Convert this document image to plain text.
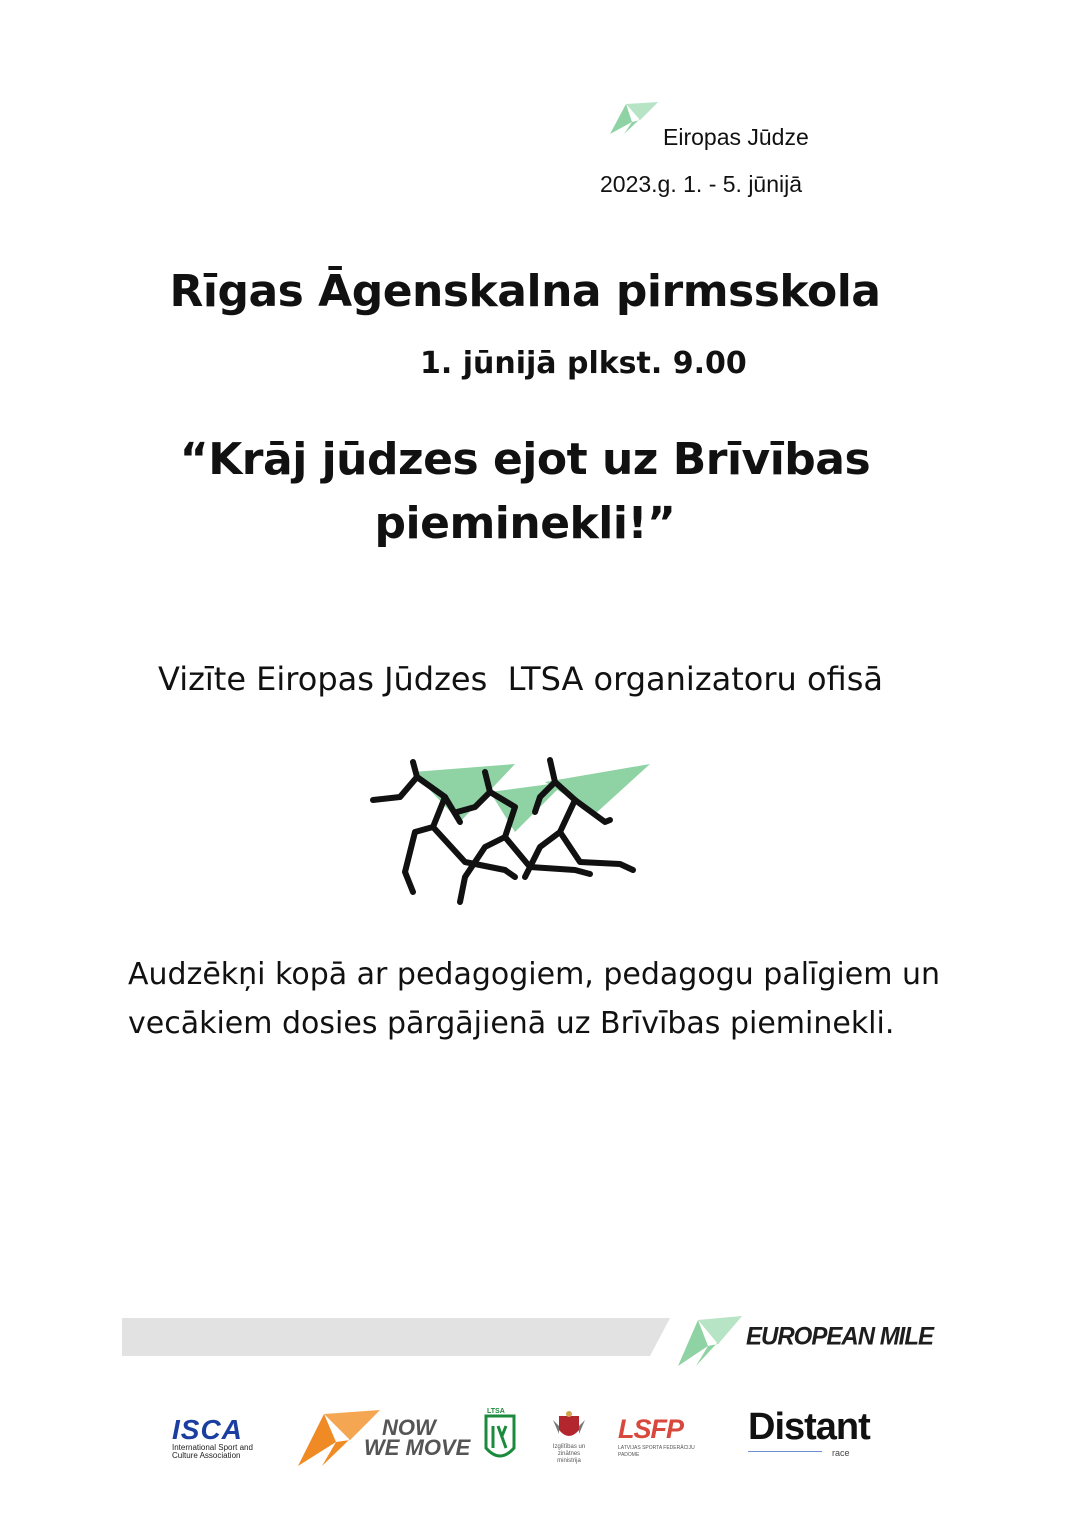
Eiropas Jūdze
2023.g. 1. - 5. jūnijā
Rīgas Āgenskalna pirmsskola
1. jūnijā plkst. 9.00
“Krāj jūdzes ejot uz Brīvības
pieminekli!”
Vizīte Eiropas Jūdzes  LTSA organizatoru ofisā
Audzēkņi kopā ar pedagogiem, pedagogu palīgiem un vecākiem dosies pārgājienā uz Brīvības pieminekli.
EUROPEAN MILE
ISCA
International Sport and
Culture Association
NOW
WE MOVE
LTSA
Izglītības un zinātnes
ministrija
LSFP
LATVIJAS SPORTA FEDERĀCIJU PADOME
Distant
race
